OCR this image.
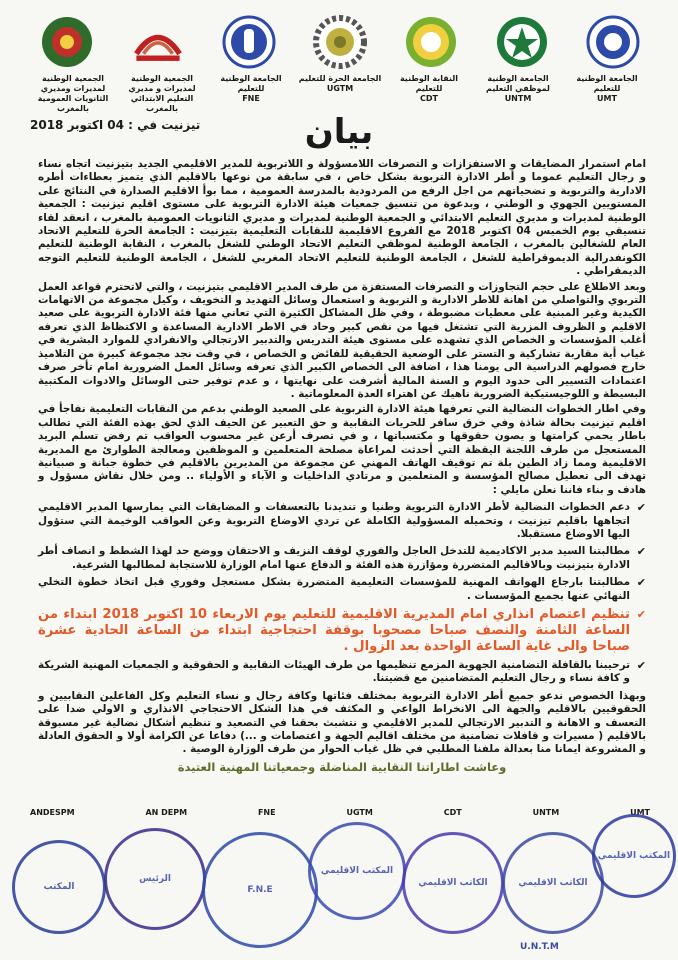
الجامعة الوطنية للتعليم
UMT
الجامعة الوطنية لموظفي التعليم
UNTM
النقابة الوطنية للتعليم
CDT
الجامعة الحرة للتعليم
UGTM
الجامعة الوطنية للتعليم
FNE
الجمعية الوطنية لمديرات و مديري التعليم الابتدائي بالمغرب
الجمعية الوطنية لمديرات ومديري الثانويات العمومية بالمغرب
بيان
تيزنيت في : 04 اكتوبر 2018

امام استمرار المضايقات و الاستفزازات و التصرفات اللامسؤولة و اللاتربوية للمدير الاقليمي الجديد بتيزنيت اتجاه نساء و رجال التعليم عموما و أطر الادارة التربوية بشكل خاص ، في سابقة من نوعها بالاقليم الذي يتميز بعطاءات أطره الادارية والتربوية و تضحياتهم من اجل الرفع من المردودية بالمدرسة العمومية ، مما بوأ الاقليم الصدارة في النتائج على المستويين الجهوي و الوطني ، وبدعوة من تنسيق جمعيات هيئة الادارة التربوية على مستوى اقليم تيزنيت : الجمعية الوطنية لمديرات و مديري التعليم الابتدائي و الجمعية الوطنية لمديرات و مديري الثانويات العمومية بالمغرب ، انعقد لقاء تنسيقي يوم الخميس 04 اكتوبر 2018 مع الفروع الاقليمية للنقابات التعليمية بتيزنيت : الجامعة الحرة للتعليم الاتحاد العام للشغالين بالمغرب ، الجامعة الوطنية لموظفي التعليم الاتحاد الوطني للشغل بالمغرب ، النقابة الوطنية للتعليم الكونفدرالية الديموقراطية للشغل ، الجامعة الوطنية للتعليم الاتحاد المغربي للشغل ، الجامعة الوطنية للتعليم التوجه الديمقراطي .

وبعد الاطلاع على حجم التجاوزات و التصرفات المستفزة من طرف المدير الاقليمي بتيزنيت ، والتي لاتحترم قواعد العمل التربوي والتواصلي من اهانة للاطر الادارية و التربوية و استعمال وسائل التهديد و التخويف ، وكيل مجموعة من الاتهامات الكيدية وغير المبنية على معطيات مضبوطة ، وفي ظل المشاكل الكثيرة التي تعاني منها فئة الادارة التربوية على صعيد الاقليم و الظروف المزرية التي تشتغل فيها من نقص كبير وحاد في الاطر الادارية المساعدة و الاكتظاظ الذي تعرفه أغلب المؤسسات و الخصاص الذي تشهده على مستوى هيئة التدريس والتدبير الارتجالي والانفرادي للموارد البشرية في غياب أية مقاربة تشاركية و التستر على الوضعية الحقيقية للفائض و الخصاص ، في وقت نجد مجموعة كبيرة من التلاميذ خارج فصولهم الدراسية الى يومنا هذا ، اضافة الى الخصاص الكبير الذي تعرفه وسائل العمل الضرورية امام تأخر صرف اعتمادات التسيير الى حدود اليوم و السنة المالية أشرفت على نهايتها ، و عدم توفير حتى الوسائل والادوات المكتبية البسيطة و اللوجيستيكية الضرورية ناهيك عن اهتراء العدة المعلوماتية .

وفي اطار الخطوات النضالية التي تعرفها هيئة الادارة التربوية على الصعيد الوطني بدعم من النقابات التعليمية نفاجأ في اقليم تيزنيت بحالة شاذة وفي خرق سافر للحريات النقابية و حق التعبير عن الحيف الذي لحق بهذه الفئة التي تطالب باطار يحمي كرامتها و يصون حقوقها و مكتسباتها ، و في تصرف أرعن غير محسوب العواقب تم رفض تسلم البريد المستعجل من طرف اللجنة اليقظة التي أحدثت لمراعاة مصلحة المتعلمين و الموظفين ومعالجة الطوارئ مع المديرية الاقليمية ومما زاد الطين بلة تم توقيف الهاتف المهني عن مجموعة من المديرين بالاقليم في خطوة جبانة و صبيانية تهدف الى تعطيل مصالح المؤسسة و المتعلمين و مرتادي الداخليات و الآباء و الأولياء .. ومن خلال نقاش مسؤول و هادف و بناء فاننا نعلن مايلي :

✔
دعم الخطوات النضالية لأطر الادارة التربوية وطنيا و تنديدنا بالتعسفات و المضايقات التي يمارسها المدير الاقليمي اتجاهها باقليم تيزنيت ، وتحميله المسؤولية الكاملة عن تردي الاوضاع التربوية وعن العواقب الوخيمة التي ستؤول اليها الاوضاع مستقبلا.
✔
مطالبتنا السيد مدير الاكاديمية للتدخل العاجل والفوري لوقف النزيف و الاحتقان ووضع حد لهذا الشطط و انصاف أطر الادارة بتيزنيت وبالاقاليم المتضررة ومؤازرة هذه الفئة و الدفاع عنها امام الوزارة للاستجابة لمطالبها الشرعية.
✔
مطالبتنا بارجاع الهواتف المهنية للمؤسسات التعليمية المتضررة بشكل مستعجل وفوري قبل اتخاذ خطوة التخلي النهائي عنها بجميع المؤسسات .
✔
تنظيم اعتصام انذاري امام المديرية الاقليمية للتعليم يوم الاربعاء 10 اكتوبر 2018 ابتداء من الساعة الثامنة والنصف صباحا مصحوبا بوقفة احتجاجية ابتداء من الساعة الحادية عشرة صباحا والى غاية الساعة الواحدة بعد الزوال .
✔
ترحيبنا بالقافلة التضامنية الجهوية المزمع تنظيمها من طرف الهيئات النقابية و الحقوقية و الجمعيات المهنية الشريكة و كافة نساء و رجال التعليم المتضامنين مع قضيتنا.

وبهذا الخصوص ندعو جميع أطر الادارة التربوية بمختلف فئاتها وكافة رجال و نساء التعليم وكل الفاعلين النقابيين و الحقوقيين بالاقليم والجهة الى الانخراط الواعي و المكثف في هذا الشكل الاحتجاجي الانذاري و الاولي ضدا على التعسف و الاهانة و التدبير الارتجالي للمدير الاقليمي و نتشبث بحقنا في التصعيد و تنظيم أشكال نضالية غير مسبوقة بالاقليم ( مسيرات و قافلات تضامنية من مختلف اقاليم الجهة و اعتصامات و ...) دفاعا عن الكرامة أولا و الحقوق العادلة و المشروعة ايمانا منا بعدالة ملفنا المطلبي في ظل غياب الحوار من طرف الوزارة الوصية .

وعاشت اطاراتنا النقابية المناضلة وجمعياتنا المهنية العتيدة
ANDESPM	AN DEPM	FNE	UGTM	CDT	UNTM	UMT
المكتب
الرئيس
F.N.E
المكتب الاقليمي
الكاتب الاقليمي	الكاتب الاقليمي
المكتب الاقليمي
U.N.T.M
